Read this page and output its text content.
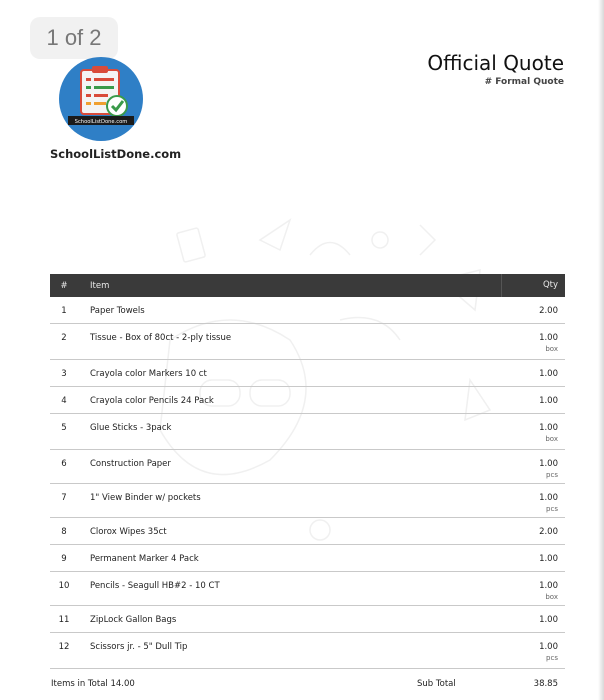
1 of 2
SchoolListDone.com
SchoolListDone.com
Official Quote
# Formal Quote
#	Item	Qty
1	Paper Towels	2.00
2	Tissue - Box of 80ct - 2-ply tissue	1.00
box
3	Crayola color Markers 10 ct	1.00
4	Crayola color Pencils 24 Pack	1.00
5	Glue Sticks - 3pack	1.00
box
6	Construction Paper	1.00
pcs
7	1" View Binder w/ pockets	1.00
pcs
8	Clorox Wipes 35ct	2.00
9	Permanent Marker 4 Pack	1.00
10	Pencils - Seagull HB#2 - 10 CT	1.00
box
11	ZipLock Gallon Bags	1.00
12	Scissors jr. - 5" Dull Tip	1.00
pcs
Items in Total 14.00	Sub Total	38.85
